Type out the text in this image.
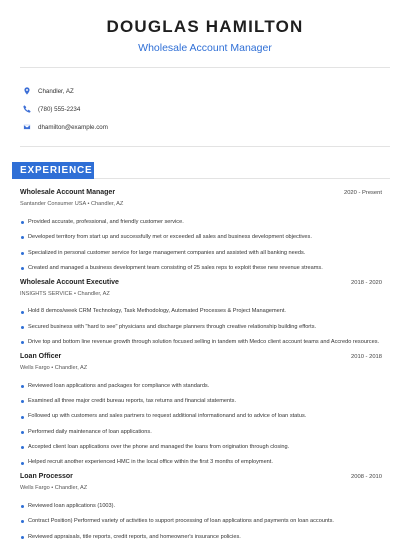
DOUGLAS HAMILTON
Wholesale Account Manager
Chandler, AZ
(780) 555-2234
dhamilton@example.com
EXPERIENCE
Wholesale Account Manager	2020 - Present
Santander Consumer USA • Chandler, AZ
Provided accurate, professional, and friendly customer service.
Developed territory from start up and successfully met or exceeded all sales and business development objectives.
Specialized in personal customer service for large management companies and assisted with all banking needs.
Created and managed a business development team consisting of 25 sales reps to exploit these new revenue streams.
Wholesale Account Executive	2018 - 2020
INSIGHTS SERVICE • Chandler, AZ
Hold 8 demos/week CRM Technology, Task Methodology, Automated Processes & Project Management.
Secured business with "hard to see" physicians and discharge planners through creative relationship building efforts.
Drive top and bottom line revenue growth through solution focused selling in tandem with Medco client account teams and Accredo resources.
Loan Officer	2010 - 2018
Wells Fargo • Chandler, AZ
Reviewed loan applications and packages for compliance with standards.
Examined all three major credit bureau reports, tax returns and financial statements.
Followed up with customers and sales partners to request additional informationand and to advice of loan status.
Performed daily maintenance of loan applications.
Accepted client loan applications over the phone and managed the loans from origination through closing.
Helped recruit another experienced HMC in the local office within the first 3 months of employment.
Loan Processor	2008 - 2010
Wells Fargo • Chandler, AZ
Reviewed loan applications (1003).
Contract Position) Performed variety of activities to support processing of loan applications and payments on loan accounts.
Reviewed appraisals, title reports, credit reports, and homeowner's insurance policies.
